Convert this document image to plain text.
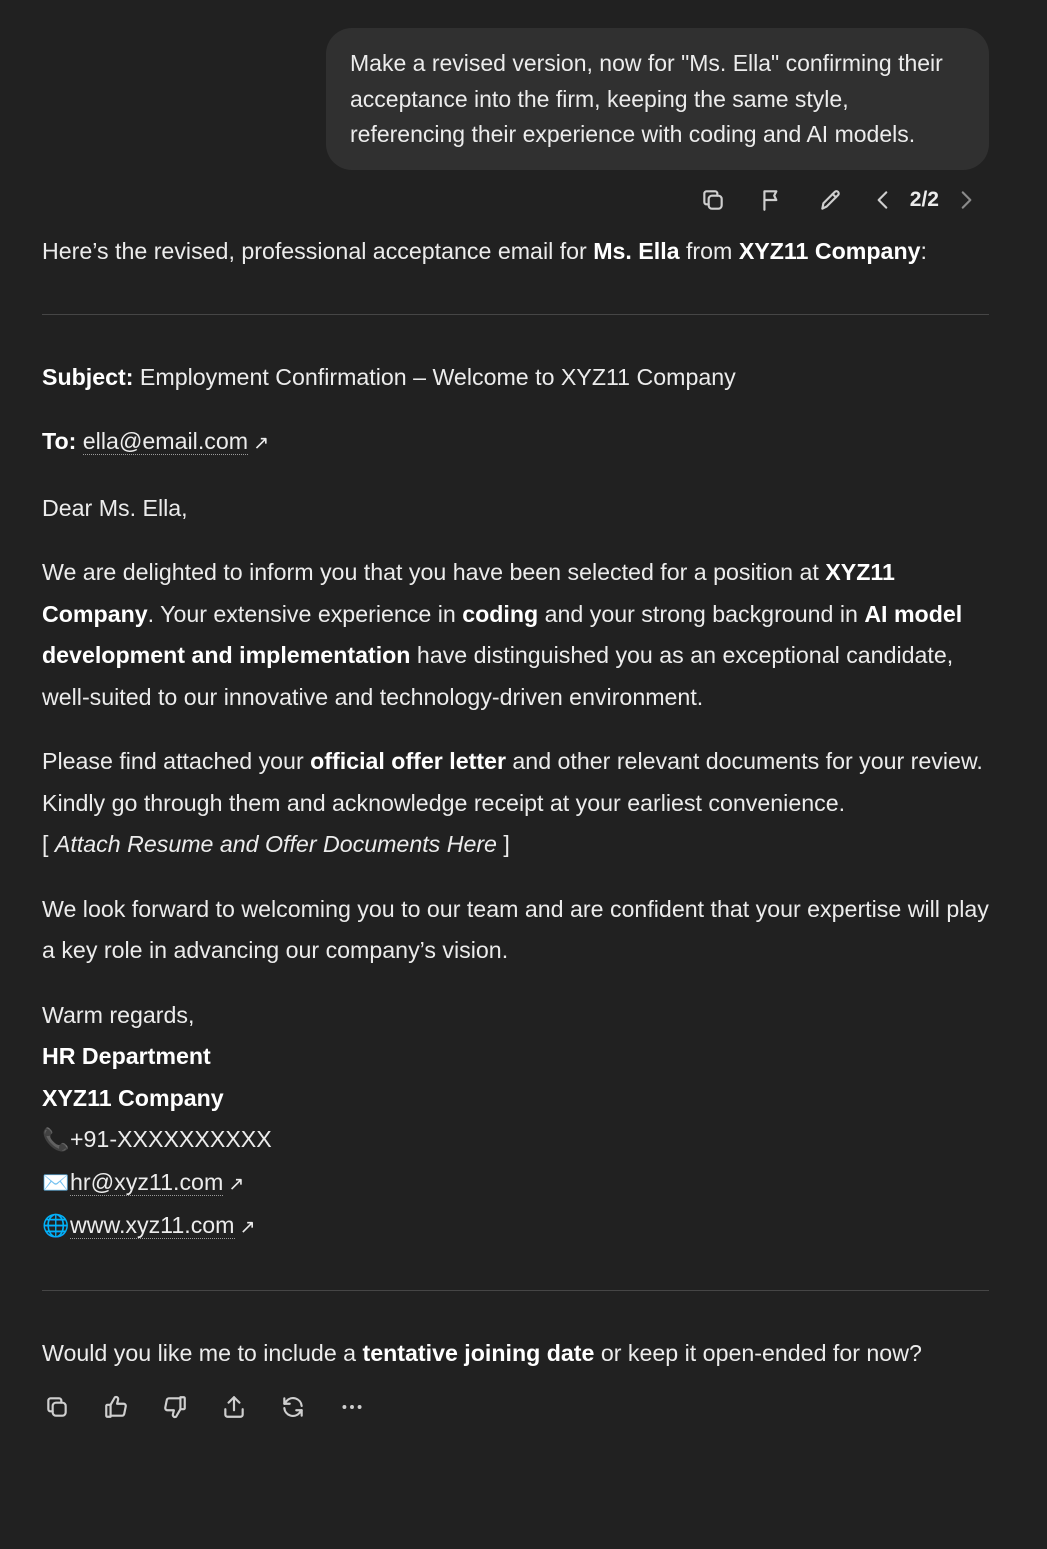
Make a revised version, now for "Ms. Ella" confirming their acceptance into the firm, keeping the same style, referencing their experience with coding and AI models.
2/2

Here’s the revised, professional acceptance email for Ms. Ella from XYZ11 Company:

Subject: Employment Confirmation – Welcome to XYZ11 Company

To: ella@email.com ↗

Dear Ms. Ella,

We are delighted to inform you that you have been selected for a position at XYZ11 Company. Your extensive experience in coding and your strong background in AI model development and implementation have distinguished you as an exceptional candidate, well-suited to our innovative and technology-driven environment.

Please find attached your official offer letter and other relevant documents for your review. Kindly go through them and acknowledge receipt at your earliest convenience.
[ Attach Resume and Offer Documents Here ]

We look forward to welcoming you to our team and are confident that your expertise will play a key role in advancing our company’s vision.

Warm regards,
HR Department
XYZ11 Company
📞+91-XXXXXXXXXX
✉️hr@xyz11.com ↗
🌐www.xyz11.com ↗

Would you like me to include a tentative joining date or keep it open-ended for now?
